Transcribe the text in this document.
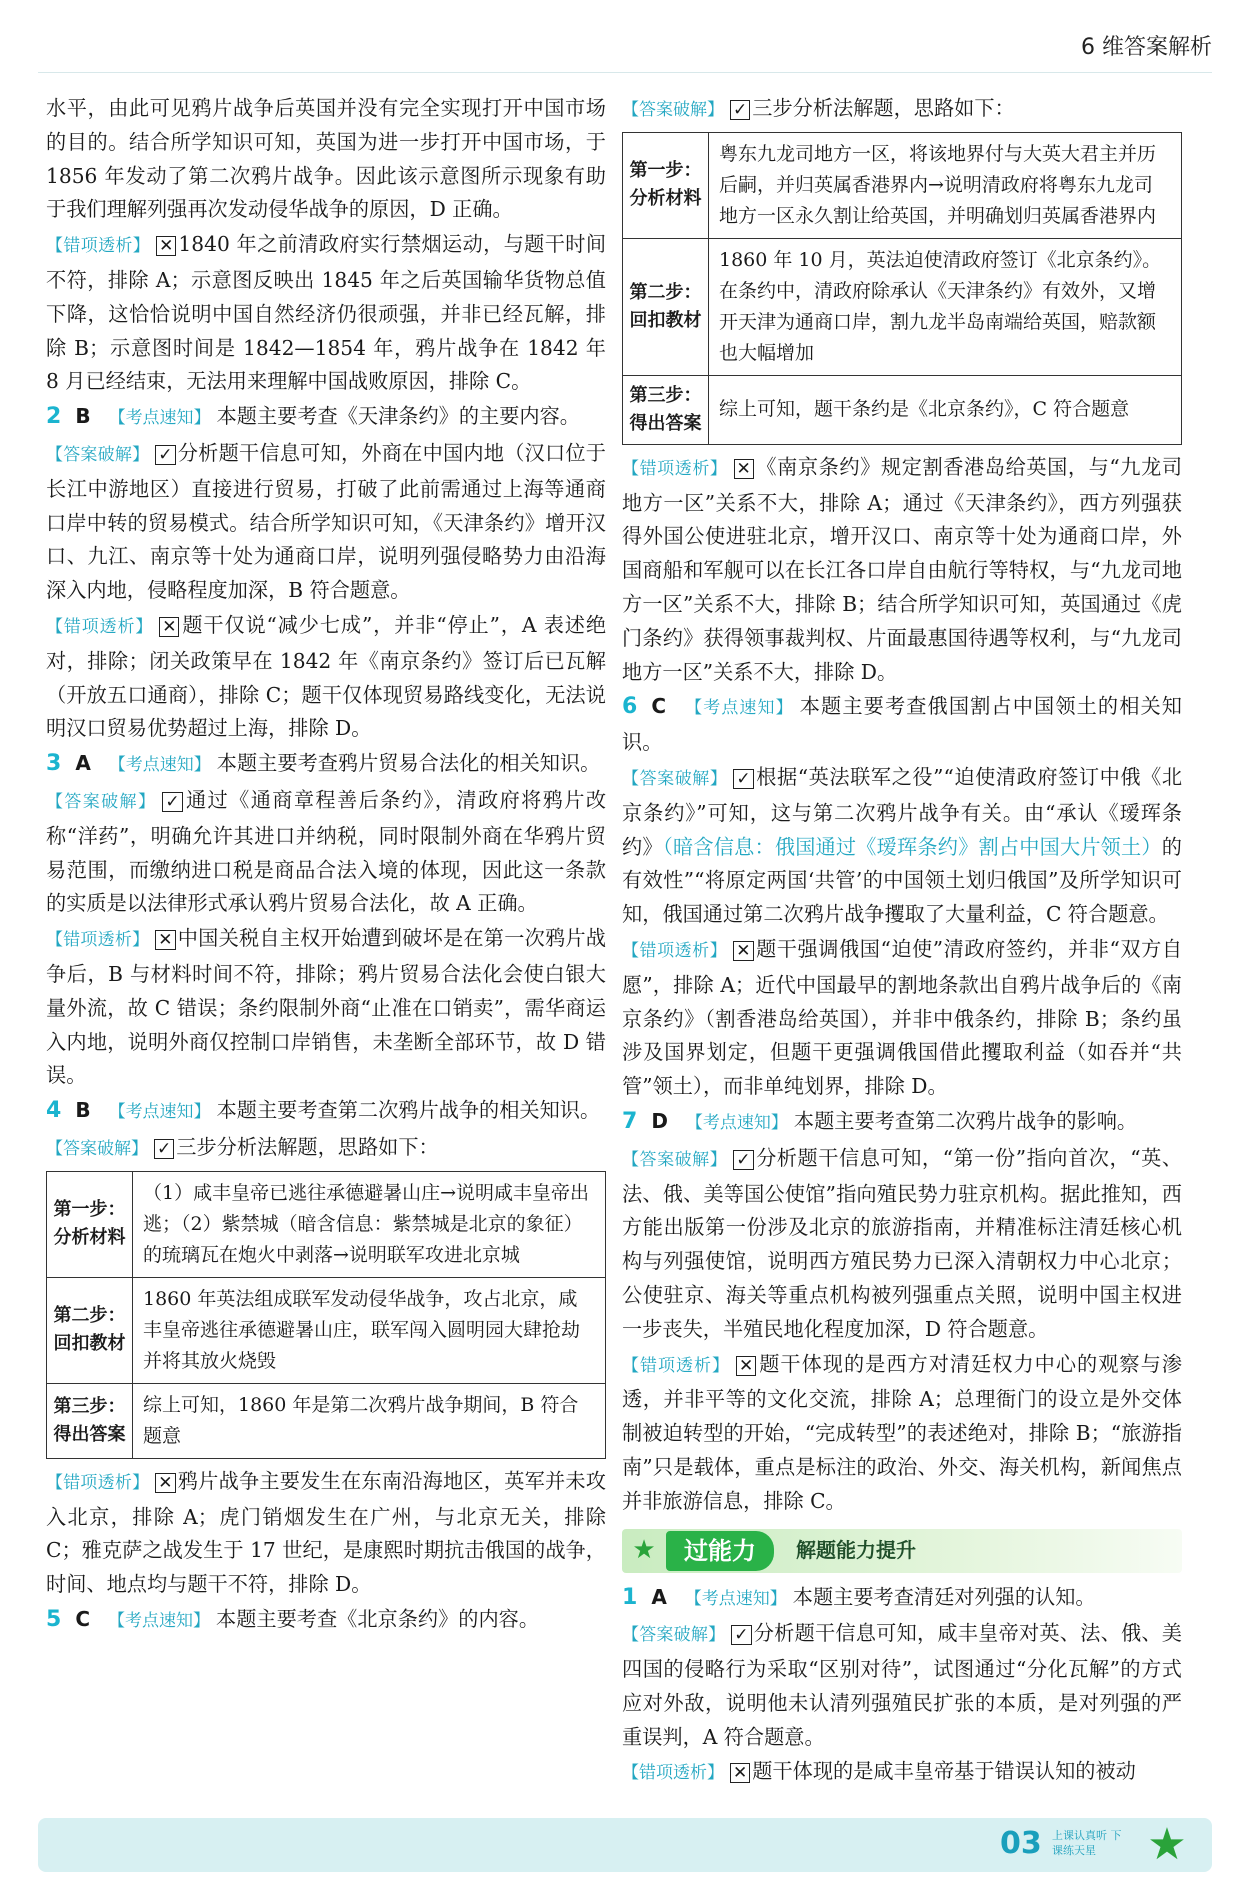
6 维答案解析

水平，由此可见鸦片战争后英国并没有完全实现打开中国市场的目的。结合所学知识可知，英国为进一步打开中国市场，于 1856 年发动了第二次鸦片战争。因此该示意图所示现象有助于我们理解列强再次发动侵华战争的原因，D 正确。

【 错项透析 】 ✕ 1840 年之前清政府实行禁烟运动，与题干时间不符，排除 A；示意图反映出 1845 年之后英国输华货物总值下降，这恰恰说明中国自然经济仍很顽强，并非已经瓦解，排除 B；示意图时间是 1842—1854 年，鸦片战争在 1842 年 8 月已经结束，无法用来理解中国战败原因，排除 C。

2 B 【 考点速知 】 本题主要考查《天津条约》的主要内容。

【 答案破解 】 ✓ 分析题干信息可知，外商在中国内地（汉口位于长江中游地区）直接进行贸易，打破了此前需通过上海等通商口岸中转的贸易模式。结合所学知识可知，《天津条约》增开汉口、九江、南京等十处为通商口岸，说明列强侵略势力由沿海深入内地，侵略程度加深，B 符合题意。

【 错项透析 】 ✕ 题干仅说“减少七成”，并非“停止”，A 表述绝对，排除；闭关政策早在 1842 年《南京条约》签订后已瓦解（开放五口通商），排除 C；题干仅体现贸易路线变化，无法说明汉口贸易优势超过上海，排除 D。

3 A 【 考点速知 】 本题主要考查鸦片贸易合法化的相关知识。

【 答案破解 】 ✓ 通过《通商章程善后条约》，清政府将鸦片改称“洋药”，明确允许其进口并纳税，同时限制外商在华鸦片贸易范围，而缴纳进口税是商品合法入境的体现，因此这一条款的实质是以法律形式承认鸦片贸易合法化，故 A 正确。

【 错项透析 】 ✕ 中国关税自主权开始遭到破坏是在第一次鸦片战争后，B 与材料时间不符，排除；鸦片贸易合法化会使白银大量外流，故 C 错误；条约限制外商“止准在口销卖”，需华商运入内地，说明外商仅控制口岸销售，未垄断全部环节，故 D 错误。

4 B 【 考点速知 】 本题主要考查第二次鸦片战争的相关知识。

【 答案破解 】 ✓ 三步分析法解题，思路如下：

第一步：分析材料	（1）咸丰皇帝已逃往承德避暑山庄→说明咸丰皇帝出逃；（2）紫禁城（暗含信息：紫禁城是北京的象征）的琉璃瓦在炮火中剥落→说明联军攻进北京城
第二步：回扣教材	1860 年英法组成联军发动侵华战争，攻占北京，咸丰皇帝逃往承德避暑山庄，联军闯入圆明园大肆抢劫并将其放火烧毁
第三步：得出答案	综上可知，1860 年是第二次鸦片战争期间，B 符合题意

【 错项透析 】 ✕ 鸦片战争主要发生在东南沿海地区，英军并未攻入北京，排除 A；虎门销烟发生在广州，与北京无关，排除 C；雅克萨之战发生于 17 世纪，是康熙时期抗击俄国的战争，时间、地点均与题干不符，排除 D。

5 C 【 考点速知 】 本题主要考查《北京条约》的内容。

【 答案破解 】 ✓ 三步分析法解题，思路如下：

第一步：分析材料	粤东九龙司地方一区，将该地界付与大英大君主并历后嗣，并归英属香港界内→说明清政府将粤东九龙司地方一区永久割让给英国，并明确划归英属香港界内
第二步：回扣教材	1860 年 10 月，英法迫使清政府签订《北京条约》。在条约中，清政府除承认《天津条约》有效外，又增开天津为通商口岸，割九龙半岛南端给英国，赔款额也大幅增加
第三步：得出答案	综上可知，题干条约是《北京条约》，C 符合题意

【 错项透析 】 ✕ 《南京条约》规定割香港岛给英国，与“九龙司地方一区”关系不大，排除 A；通过《天津条约》，西方列强获得外国公使进驻北京，增开汉口、南京等十处为通商口岸，外国商船和军舰可以在长江各口岸自由航行等特权，与“九龙司地方一区”关系不大，排除 B；结合所学知识可知，英国通过《虎门条约》获得领事裁判权、片面最惠国待遇等权利，与“九龙司地方一区”关系不大，排除 D。

6 C 【 考点速知 】 本题主要考查俄国割占中国领土的相关知识。

【 答案破解 】 ✓ 根据“英法联军之役”“迫使清政府签订中俄《北京条约》”可知，这与第二次鸦片战争有关。由“承认《瑷珲条约》（暗含信息：俄国通过《瑷珲条约》割占中国大片领土）的有效性”“将原定两国‘共管’的中国领土划归俄国”及所学知识可知，俄国通过第二次鸦片战争攫取了大量利益，C 符合题意。

【 错项透析 】 ✕ 题干强调俄国“迫使”清政府签约，并非“双方自愿”，排除 A；近代中国最早的割地条款出自鸦片战争后的《南京条约》（割香港岛给英国），并非中俄条约，排除 B；条约虽涉及国界划定，但题干更强调俄国借此攫取利益（如吞并“共管”领土），而非单纯划界，排除 D。

7 D 【 考点速知 】 本题主要考查第二次鸦片战争的影响。

【 答案破解 】 ✓ 分析题干信息可知，“第一份”指向首次，“英、法、俄、美等国公使馆”指向殖民势力驻京机构。据此推知，西方能出版第一份涉及北京的旅游指南，并精准标注清廷核心机构与列强使馆，说明西方殖民势力已深入清朝权力中心北京；公使驻京、海关等重点机构被列强重点关照，说明中国主权进一步丧失，半殖民地化程度加深，D 符合题意。

【 错项透析 】 ✕ 题干体现的是西方对清廷权力中心的观察与渗透，并非平等的文化交流，排除 A；总理衙门的设立是外交体制被迫转型的开始，“完成转型”的表述绝对，排除 B；“旅游指南”只是载体，重点是标注的政治、外交、海关机构，新闻焦点并非旅游信息，排除 C。

★	过能力	解题能力提升

1 A 【 考点速知 】 本题主要考查清廷对列强的认知。

【 答案破解 】 ✓ 分析题干信息可知，咸丰皇帝对英、法、俄、美四国的侵略行为采取“区别对待”，试图通过“分化瓦解”的方式应对外敌，说明他未认清列强殖民扩张的本质，是对列强的严重误判，A 符合题意。

【 错项透析 】 ✕ 题干体现的是咸丰皇帝基于错误认知的被动

03 上课认真听 下课练天星	★
